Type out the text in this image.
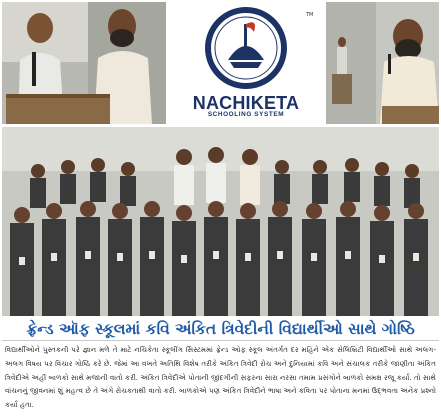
TM
NACHIKETA
SCHOOLING SYSTEM
ફ્રેન્ડ ઑફ સ્કૂલમાં કવિ અંકિત ત્રિવેદીની વિદ્યાર્થીઓ સાથે ગોષ્ઠિ
વિદ્યાર્થીઓને પુસ્તકની પરે જ્ઞાન મળે તે માટે નચિકેતા સ્કૂલીંગ સિસ્ટમમાં ફ્રેન્ડ ઓફ સ્કૂલ અંતર્ગત દર મહિને એક સેલિબ્રિટી વિદ્યાર્થીઓ સાથે અલગ-અલગ વિષય પર વિચાર ગોષ્ઠિ કરે છે. જેમાં આ વખતે અતિથિ વિશેષ તરીકે અંકિત ત્રિવેદી રોચ અને દુનિયામાં કવિ અને સંચાલક તરીકે જાણીતા અંકિત ત્રિવેદીએ અહીં બાળકો સાથે મજાની વાતો કરી. અંકિત ત્રિવેદીએ પોતાની જીંદગીની સફરના સારા નરસા તમામ પ્રસંગોને બાળકો સમક્ષ રજૂ કર્યા. તો સાથે વાંચનનું જીવનમાં શું મહત્વ છે તે અંગે રોચકતાથી વાતો કરી. બાળકોએ પણ અંકિત ત્રિવેદીને ભાષા અને કવિતા પર પોતાના મનમાં ઉદ્ભવતા અનેક પ્રશ્નો કર્યા હતા.
